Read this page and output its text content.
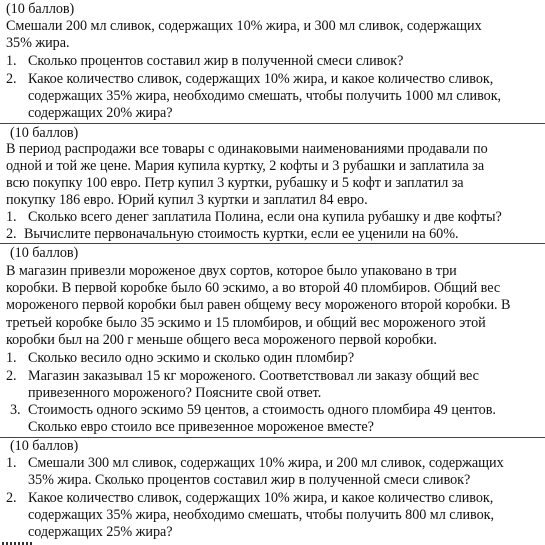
(10 баллов)
Смешали 200 мл сливок, содержащих 10% жира, и 300 мл сливок, содержащих
35% жира.
1. Сколько процентов составил жир в полученной смеси сливок?
2. Какое количество сливок, содержащих 10% жира, и какое количество сливок,
содержащих 35% жира, необходимо смешать, чтобы получить 1000 мл сливок,
содержащих 20% жира?
(10 баллов)
В период распродажи все товары с одинаковыми наименованиями продавали по
одной и той же цене. Мария купила куртку, 2 кофты и 3 рубашки и заплатила за
всю покупку 100 евро. Петр купил 3 куртки, рубашку и 5 кофт и заплатил за
покупку 186 евро. Юрий купил 3 куртки и заплатил 84 евро.
1. Сколько всего денег заплатила Полина, если она купила рубашку и две кофты?
2. Вычислите первоначальную стоимость куртки, если ее уценили на 60%.
(10 баллов)
В магазин привезли мороженое двух сортов, которое было упаковано в три
коробки. В первой коробке было 60 эскимо, а во второй 40 пломбиров. Общий вес
мороженого первой коробки был равен общему весу мороженого второй коробки. В
третьей коробке было 35 эскимо и 15 пломбиров, и общий вес мороженого этой
коробки был на 200 г меньше общего веса мороженого первой коробки.
1. Сколько весило одно эскимо и сколько один пломбир?
2. Магазин заказывал 15 кг мороженого. Соответствовал ли заказу общий вес
привезенного мороженого? Поясните свой ответ.
3. Стоимость одного эскимо 59 центов, а стоимость одного пломбира 49 центов.
Сколько евро стоило все привезенное мороженое вместе?
(10 баллов)
1. Смешали 300 мл сливок, содержащих 10% жира, и 200 мл сливок, содержащих
35% жира. Сколько процентов составил жир в полученной смеси сливок?
2. Какое количество сливок, содержащих 10% жира, и какое количество сливок,
содержащих 35% жира, необходимо смешать, чтобы получить 800 мл сливок,
содержащих 25% жира?
